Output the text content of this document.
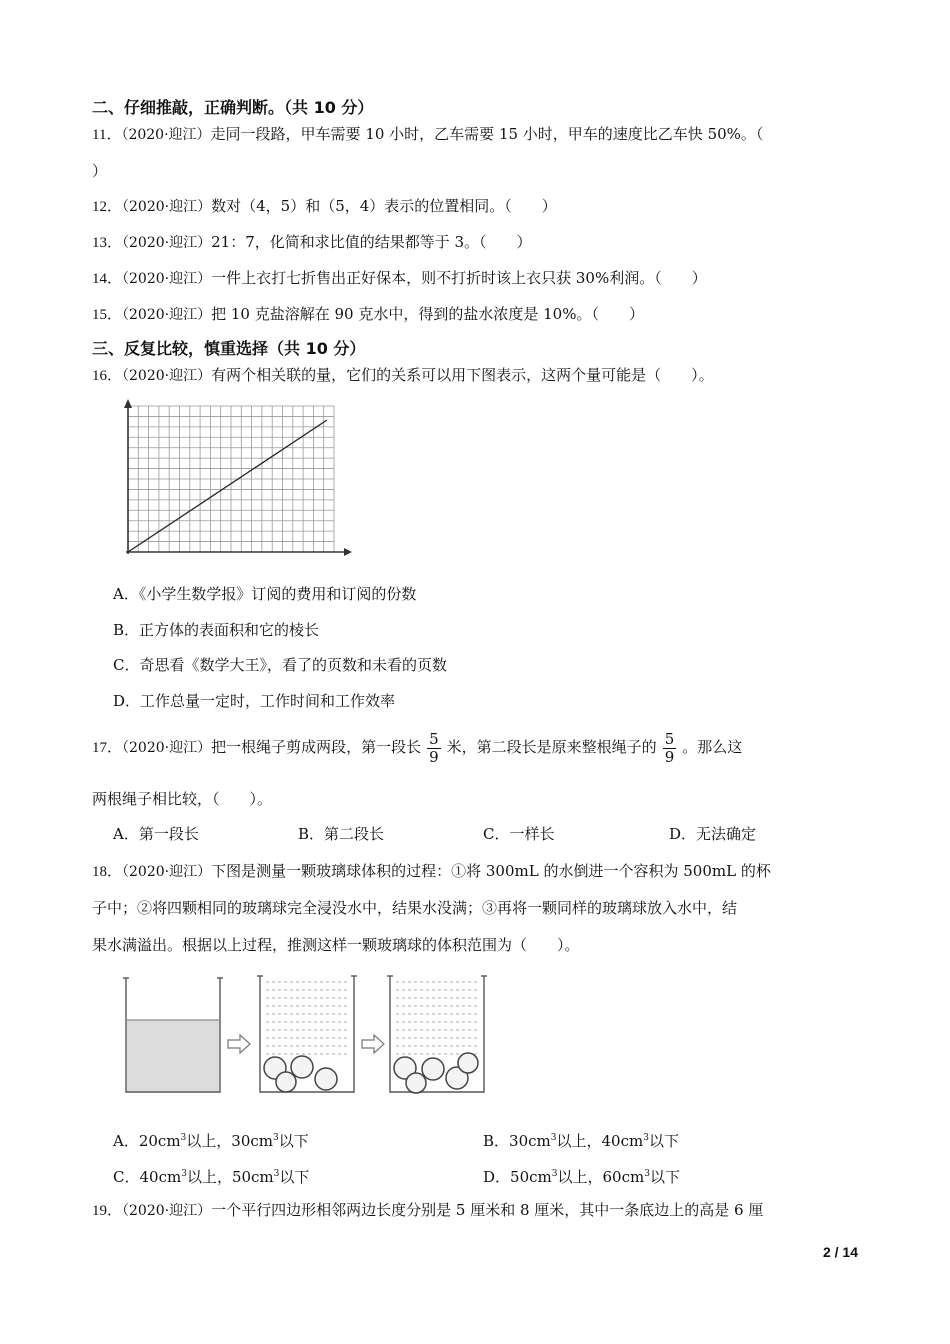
二、仔细推敲，正确判断。（共 10 分）
11．（2020·迎江）走同一段路，甲车需要 10 小时，乙车需要 15 小时，甲车的速度比乙车快 50%。（
）
12．（2020·迎江）数对（4，5）和（5，4）表示的位置相同。（　　）
13．（2020·迎江）21：7，化简和求比值的结果都等于 3。（　　）
14．（2020·迎江）一件上衣打七折售出正好保本，则不打折时该上衣只获 30%利润。（　　）
15．（2020·迎江）把 10 克盐溶解在 90 克水中，得到的盐水浓度是 10%。（　　）
三、反复比较，慎重选择（共 10 分）
16．（2020·迎江）有两个相关联的量，它们的关系可以用下图表示，这两个量可能是（　　）。
A．《小学生数学报》订阅的费用和订阅的份数
B．正方体的表面积和它的棱长
C．奇思看《数学大王》，看了的页数和未看的页数
D．工作总量一定时，工作时间和工作效率
17．（2020·迎江）把一根绳子剪成两段，第一段长 $\frac{5}{9}$ 米，第二段长是原来整根绳子的 $\frac{5}{9}$ 。那么这
两根绳子相比较，（　　）。
A．第一段长	B．第二段长	C．一样长	D．无法确定
18．（2020·迎江）下图是测量一颗玻璃球体积的过程：①将 300mL 的水倒进一个容积为 500mL 的杯
子中；②将四颗相同的玻璃球完全浸没水中，结果水没满；③再将一颗同样的玻璃球放入水中，结
果水满溢出。根据以上过程，推测这样一颗玻璃球的体积范围为（　　）。
A．$20cm^3$以上，$30cm^3$以下	B．$30cm^3$以上，$40cm^3$以下
C．$40cm^3$以上，$50cm^3$以下	D．$50cm^3$以上，$60cm^3$以下
19．（2020·迎江）一个平行四边形相邻两边长度分别是 5 厘米和 8 厘米，其中一条底边上的高是 6 厘
2 / 14
